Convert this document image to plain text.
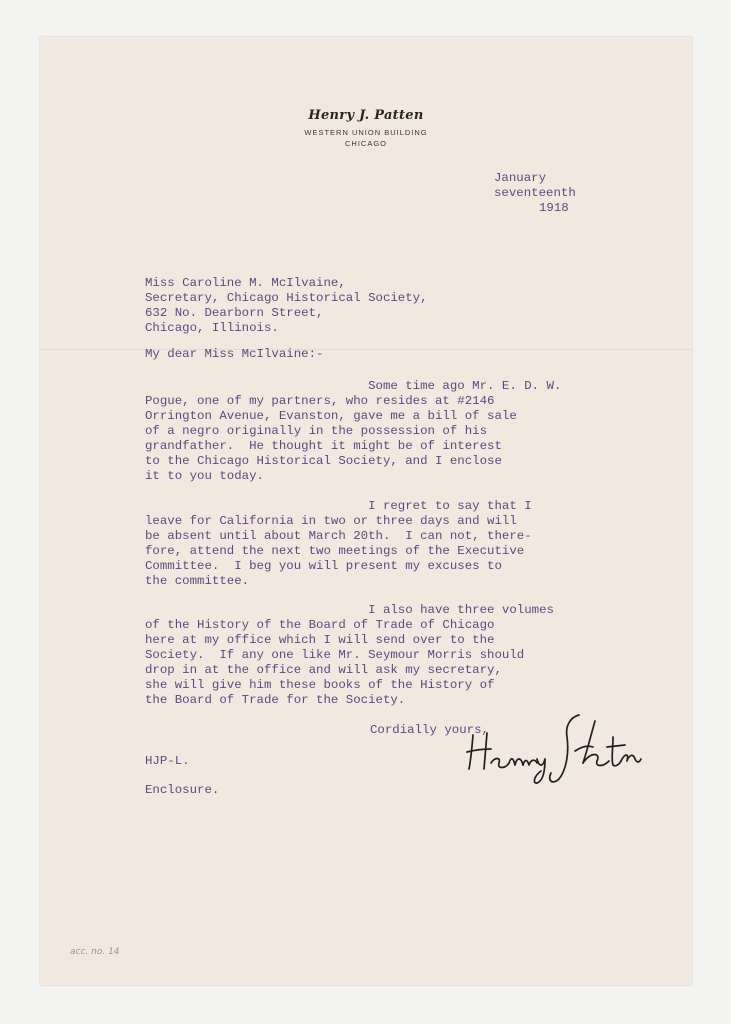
Henry J. Patten
WESTERN UNION BUILDING
CHICAGO
January
seventeenth
1918
Miss Caroline M. McIlvaine,
Secretary, Chicago Historical Society,
632 No. Dearborn Street,
Chicago, Illinois.
My dear Miss McIlvaine:-
Some time ago Mr. E. D. W.
Pogue, one of my partners, who resides at #2146
Orrington Avenue, Evanston, gave me a bill of sale
of a negro originally in the possession of his
grandfather.  He thought it might be of interest
to the Chicago Historical Society, and I enclose
it to you today.
I regret to say that I
leave for California in two or three days and will
be absent until about March 20th.  I can not, there-
fore, attend the next two meetings of the Executive
Committee.  I beg you will present my excuses to
the committee.
I also have three volumes
of the History of the Board of Trade of Chicago
here at my office which I will send over to the
Society.  If any one like Mr. Seymour Morris should
drop in at the office and will ask my secretary,
she will give him these books of the History of
the Board of Trade for the Society.
Cordially yours,
HJP-L.
Enclosure.
acc. no. 14
